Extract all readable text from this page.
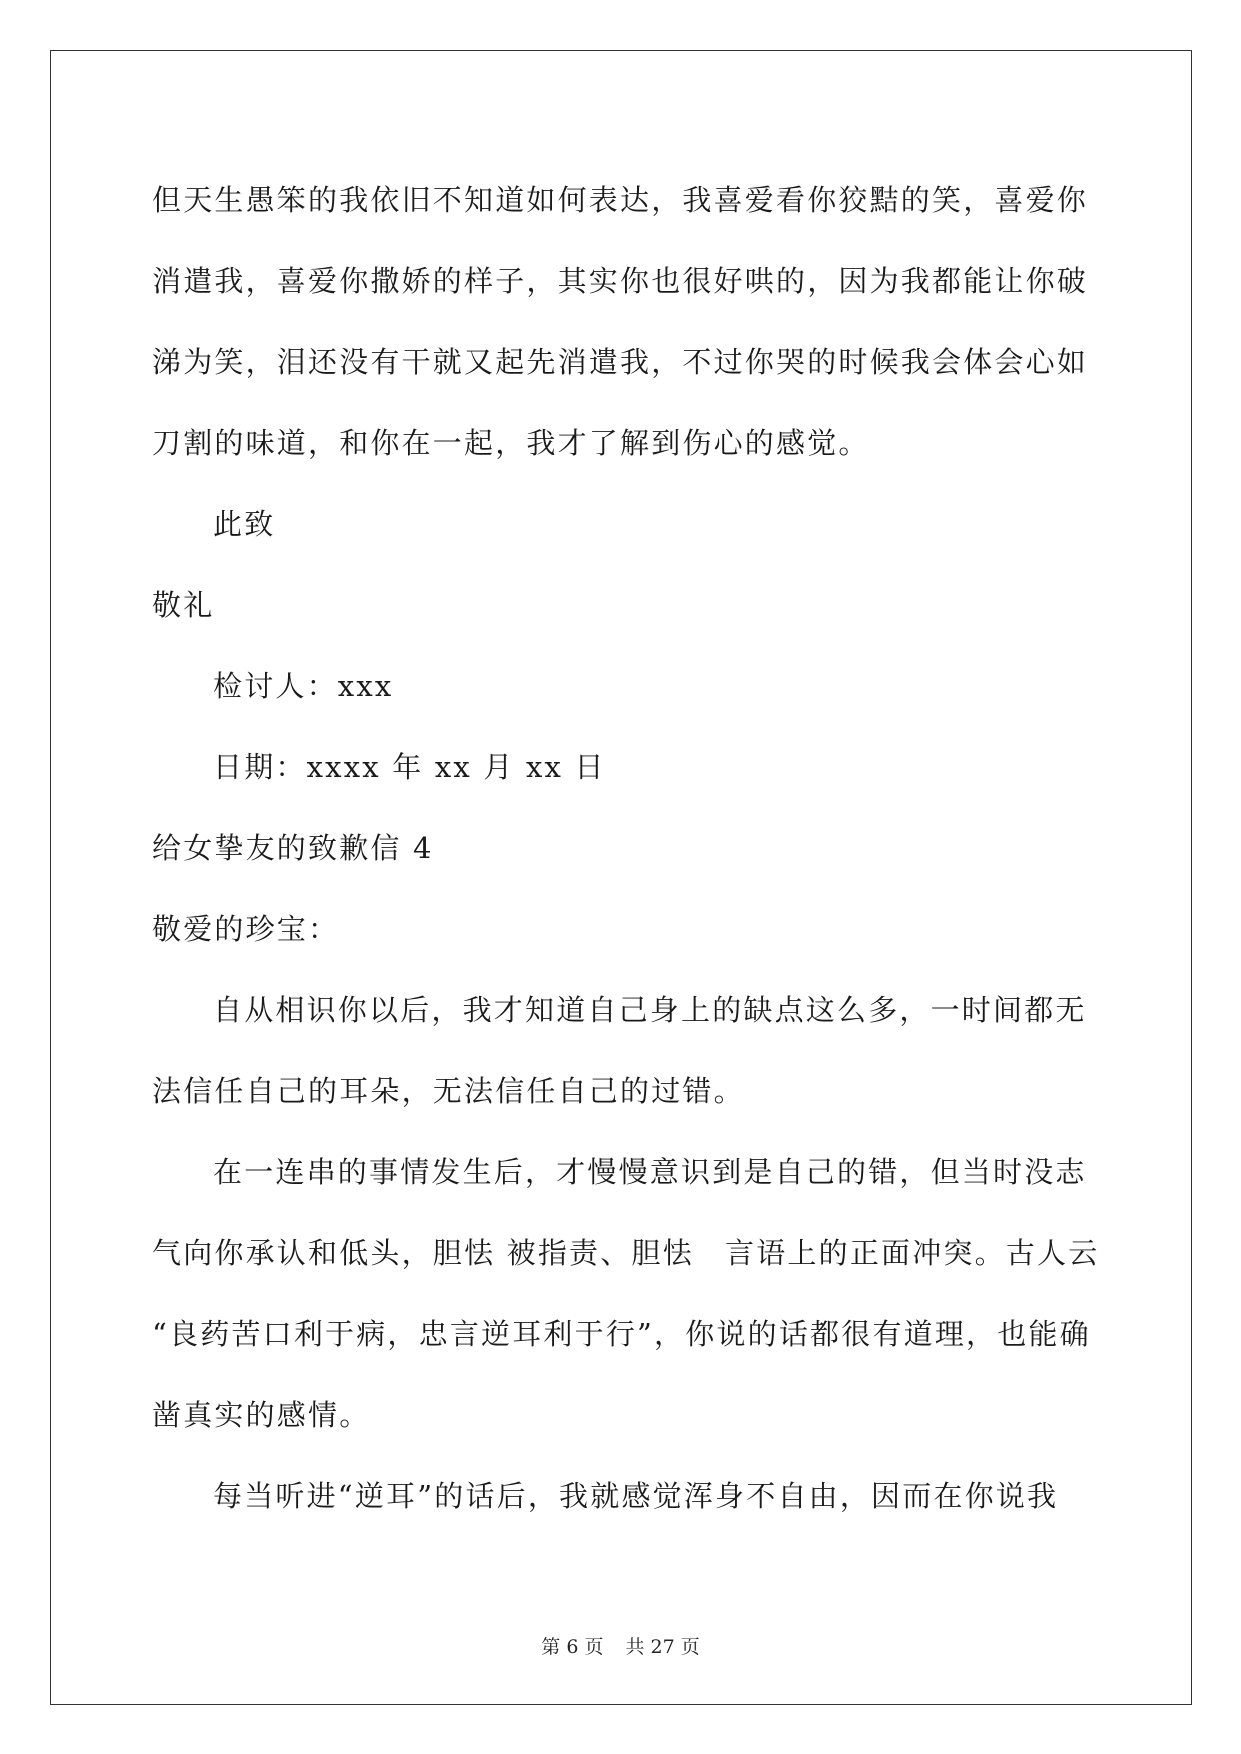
但天生愚笨的我依旧不知道如何表达，我喜爱看你狡黠的笑，喜爱你
消遣我，喜爱你撒娇的样子，其实你也很好哄的，因为我都能让你破
涕为笑，泪还没有干就又起先消遣我，不过你哭的时候我会体会心如
刀割的味道，和你在一起，我才了解到伤心的感觉。
此致
敬礼
检讨人：xxx
日期：xxxx 年 xx 月 xx 日
给女挚友的致歉信 4
敬爱的珍宝：
自从相识你以后，我才知道自己身上的缺点这么多，一时间都无
法信任自己的耳朵，无法信任自己的过错。
在一连串的事情发生后，才慢慢意识到是自己的错，但当时没志
气向你承认和低头，胆怯 被指责、胆怯　言语上的正面冲突。古人云
“良药苦口利于病，忠言逆耳利于行”，你说的话都很有道理，也能确
凿真实的感情。
每当听进“逆耳”的话后，我就感觉浑身不自由，因而在你说我
第 6 页 共 27 页
